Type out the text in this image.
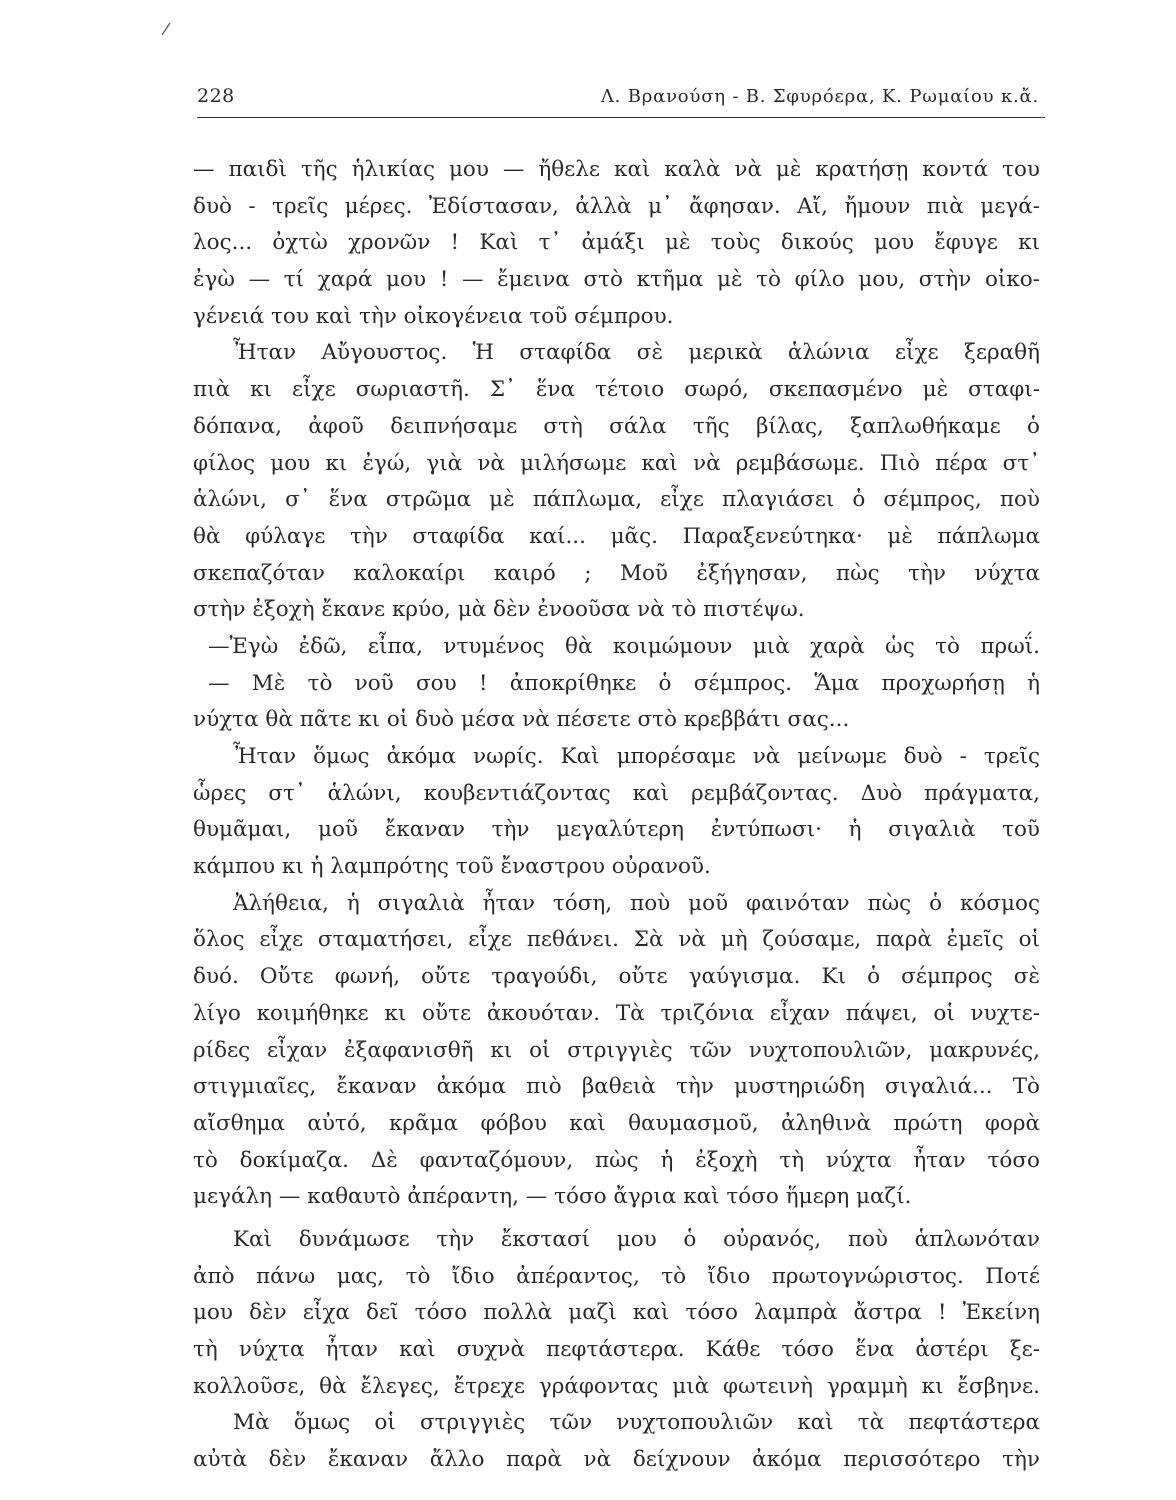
228	Λ. Βρανούση - Β. Σφυρόερα, Κ. Ρωμαίου κ.ἄ.
— παιδὶ τῆς ἡλικίας μου — ἤθελε καὶ καλὰ νὰ μὲ κρατήσῃ κοντά του
δυὸ - τρεῖς μέρες. Ἐδίστασαν, ἀλλὰ μ᾿ ἄφησαν. Αἴ, ἤμουν πιὰ μεγά-
λος... ὀχτὼ χρονῶν ! Καὶ τ᾿ ἀμάξι μὲ τοὺς δικούς μου ἔφυγε κι
ἐγὼ — τί χαρά μου ! — ἔμεινα στὸ κτῆμα μὲ τὸ φίλο μου, στὴν οἰκο-
γένειά του καὶ τὴν οἰκογένεια τοῦ σέμπρου.
Ἦταν Αὔγουστος. Ἡ σταφίδα σὲ μερικὰ ἁλώνια εἶχε ξεραθῆ
πιὰ κι εἶχε σωριαστῆ. Σ᾿ ἕνα τέτοιο σωρό, σκεπασμένο μὲ σταφι-
δόπανα, ἀφοῦ δειπνήσαμε στὴ σάλα τῆς βίλας, ξαπλωθήκαμε ὁ
φίλος μου κι ἐγώ, γιὰ νὰ μιλήσωμε καὶ νὰ ρεμβάσωμε. Πιὸ πέρα στ᾿
ἁλώνι, σ᾿ ἕνα στρῶμα μὲ πάπλωμα, εἶχε πλαγιάσει ὁ σέμπρος, ποὺ
θὰ φύλαγε τὴν σταφίδα καί... μᾶς. Παραξενεύτηκα· μὲ πάπλωμα
σκεπαζόταν καλοκαίρι καιρό ; Μοῦ ἐξήγησαν, πὼς τὴν νύχτα
στὴν ἐξοχὴ ἔκανε κρύο, μὰ δὲν ἐνοοῦσα νὰ τὸ πιστέψω.
—Ἐγὼ ἐδῶ, εἶπα, ντυμένος θὰ κοιμώμουν μιὰ χαρὰ ὡς τὸ πρωΐ.
— Μὲ τὸ νοῦ σου ! ἀποκρίθηκε ὁ σέμπρος. Ἅμα προχωρήσῃ ἡ
νύχτα θὰ πᾶτε κι οἱ δυὸ μέσα νὰ πέσετε στὸ κρεββάτι σας...
Ἦταν ὅμως ἀκόμα νωρίς. Καὶ μπορέσαμε νὰ μείνωμε δυὸ - τρεῖς
ὧρες στ᾿ ἁλώνι, κουβεντιάζοντας καὶ ρεμβάζοντας. Δυὸ πράγματα,
θυμᾶμαι, μοῦ ἔκαναν τὴν μεγαλύτερη ἐντύπωσι· ἡ σιγαλιὰ τοῦ
κάμπου κι ἡ λαμπρότης τοῦ ἔναστρου οὐρανοῦ.
Ἀλήθεια, ἡ σιγαλιὰ ἦταν τόση, ποὺ μοῦ φαινόταν πὼς ὁ κόσμος
ὅλος εἶχε σταματήσει, εἶχε πεθάνει. Σὰ νὰ μὴ ζούσαμε, παρὰ ἐμεῖς οἱ
δυό. Οὔτε φωνή, οὔτε τραγούδι, οὔτε γαύγισμα. Κι ὁ σέμπρος σὲ
λίγο κοιμήθηκε κι οὔτε ἀκουόταν. Τὰ τριζόνια εἶχαν πάψει, οἱ νυχτε-
ρίδες εἶχαν ἐξαφανισθῆ κι οἱ στριγγιὲς τῶν νυχτοπουλιῶν, μακρυνές,
στιγμιαῖες, ἔκαναν ἀκόμα πιὸ βαθειὰ τὴν μυστηριώδη σιγαλιά... Τὸ
αἴσθημα αὐτό, κρᾶμα φόβου καὶ θαυμασμοῦ, ἀληθινὰ πρώτη φορὰ
τὸ δοκίμαζα. Δὲ φανταζόμουν, πὼς ἡ ἐξοχὴ τὴ νύχτα ἦταν τόσο
μεγάλη — καθαυτὸ ἀπέραντη, — τόσο ἄγρια καὶ τόσο ἥμερη μαζί.
Καὶ δυνάμωσε τὴν ἔκστασί μου ὁ οὐρανός, ποὺ ἁπλωνόταν
ἀπὸ πάνω μας, τὸ ἴδιο ἀπέραντος, τὸ ἴδιο πρωτογνώριστος. Ποτέ
μου δὲν εἶχα δεῖ τόσο πολλὰ μαζὶ καὶ τόσο λαμπρὰ ἄστρα ! Ἐκείνη
τὴ νύχτα ἦταν καὶ συχνὰ πεφτάστερα. Κάθε τόσο ἕνα ἀστέρι ξε-
κολλοῦσε, θὰ ἔλεγες, ἔτρεχε γράφοντας μιὰ φωτεινὴ γραμμὴ κι ἔσβηνε.
Μὰ ὅμως οἱ στριγγιὲς τῶν νυχτοπουλιῶν καὶ τὰ πεφτάστερα
αὐτὰ δὲν ἔκαναν ἄλλο παρὰ νὰ δείχνουν ἀκόμα περισσότερο τὴν
